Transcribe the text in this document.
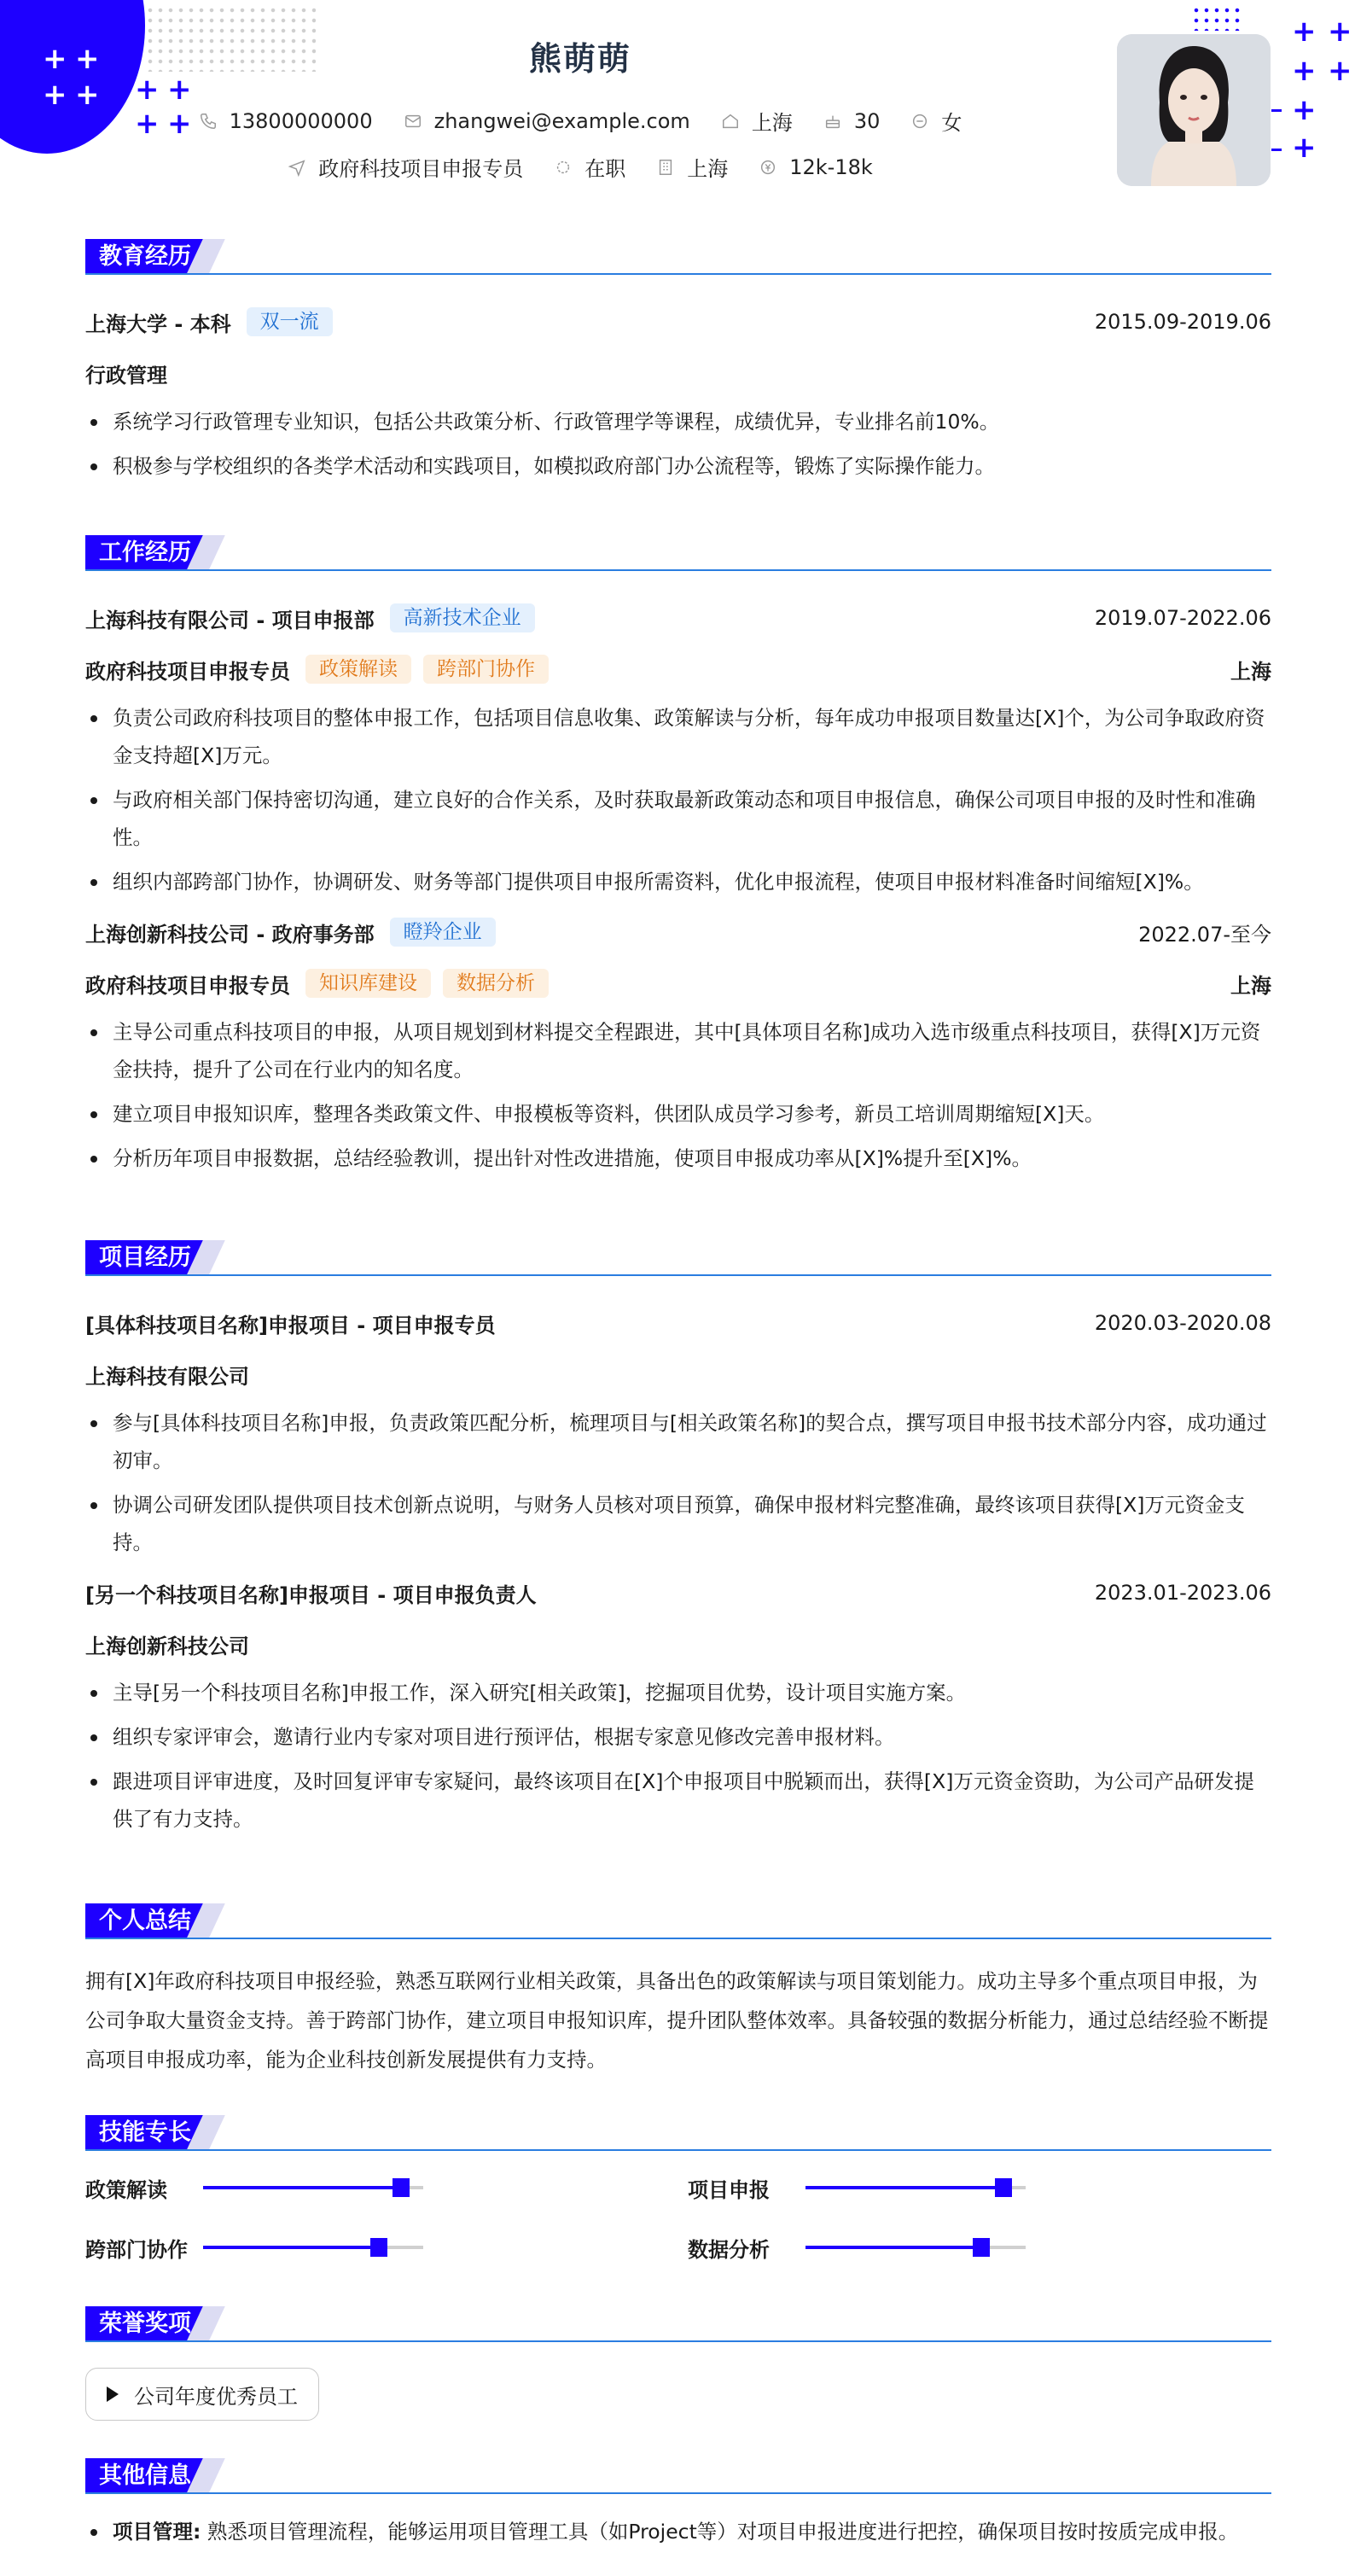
+ +
+ + + +
+ +
+ +
+ +
+
+
熊萌萌
13800000000	zhangwei@example.com	上海	30	女
政府科技项目申报专员	在职	上海	12k-18k
教育经历
上海大学 - 本科	双一流	2015.09-2019.06
行政管理
系统学习行政管理专业知识，包括公共政策分析、行政管理学等课程，成绩优异，专业排名前10%。
积极参与学校组织的各类学术活动和实践项目，如模拟政府部门办公流程等，锻炼了实际操作能力。
工作经历
上海科技有限公司 - 项目申报部	高新技术企业	2019.07-2022.06
政府科技项目申报专员	政策解读	跨部门协作	上海
负责公司政府科技项目的整体申报工作，包括项目信息收集、政策解读与分析，每年成功申报项目数量达[X]个，为公司争取政府资金支持超[X]万元。
与政府相关部门保持密切沟通，建立良好的合作关系，及时获取最新政策动态和项目申报信息，确保公司项目申报的及时性和准确性。
组织内部跨部门协作，协调研发、财务等部门提供项目申报所需资料，优化申报流程，使项目申报材料准备时间缩短[X]%。
上海创新科技公司 - 政府事务部	瞪羚企业	2022.07-至今
政府科技项目申报专员	知识库建设	数据分析	上海
主导公司重点科技项目的申报，从项目规划到材料提交全程跟进，其中[具体项目名称]成功入选市级重点科技项目，获得[X]万元资金扶持，提升了公司在行业内的知名度。
建立项目申报知识库，整理各类政策文件、申报模板等资料，供团队成员学习参考，新员工培训周期缩短[X]天。
分析历年项目申报数据，总结经验教训，提出针对性改进措施，使项目申报成功率从[X]%提升至[X]%。
项目经历
[具体科技项目名称]申报项目 - 项目申报专员	2020.03-2020.08
上海科技有限公司
参与[具体科技项目名称]申报，负责政策匹配分析，梳理项目与[相关政策名称]的契合点，撰写项目申报书技术部分内容，成功通过初审。
协调公司研发团队提供项目技术创新点说明，与财务人员核对项目预算，确保申报材料完整准确，最终该项目获得[X]万元资金支持。
[另一个科技项目名称]申报项目 - 项目申报负责人	2023.01-2023.06
上海创新科技公司
主导[另一个科技项目名称]申报工作，深入研究[相关政策]，挖掘项目优势，设计项目实施方案。
组织专家评审会，邀请行业内专家对项目进行预评估，根据专家意见修改完善申报材料。
跟进项目评审进度，及时回复评审专家疑问，最终该项目在[X]个申报项目中脱颖而出，获得[X]万元资金资助，为公司产品研发提供了有力支持。
个人总结

拥有[X]年政府科技项目申报经验，熟悉互联网行业相关政策，具备出色的政策解读与项目策划能力。成功主导多个重点项目申报，为公司争取大量资金支持。善于跨部门协作，建立项目申报知识库，提升团队整体效率。具备较强的数据分析能力，通过总结经验不断提高项目申报成功率，能为企业科技创新发展提供有力支持。

技能专长
政策解读	项目申报
跨部门协作	数据分析
荣誉奖项
公司年度优秀员工
其他信息
项目管理: 熟悉项目管理流程，能够运用项目管理工具（如Project等）对项目申报进度进行把控，确保项目按时按质完成申报。
